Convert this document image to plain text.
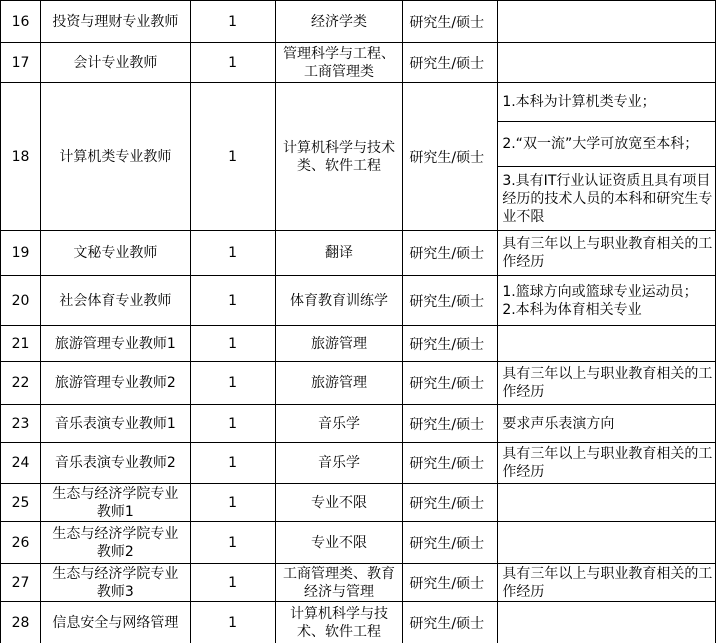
16	投资与理财专业教师	1	经济学类	研究生/硕士	
17	会计专业教师	1	管理科学与工程、工商管理类	研究生/硕士	
18	计算机类专业教师	1	计算机科学与技术类、软件工程	研究生/硕士	1.本科为计算机类专业；
2.“双一流”大学可放宽至本科；
3.具有IT行业认证资质且具有项目经历的技术人员的本科和研究生专业不限

19	文秘专业教师	1	翻译	研究生/硕士	具有三年以上与职业教育相关的工作经历
20	社会体育专业教师	1	体育教育训练学	研究生/硕士	1.篮球方向或篮球专业运动员；
2.本科为体育相关专业
21	旅游管理专业教师1	1	旅游管理	研究生/硕士	
22	旅游管理专业教师2	1	旅游管理	研究生/硕士	具有三年以上与职业教育相关的工作经历
23	音乐表演专业教师1	1	音乐学	研究生/硕士	要求声乐表演方向
24	音乐表演专业教师2	1	音乐学	研究生/硕士	具有三年以上与职业教育相关的工作经历
25	生态与经济学院专业教师1	1	专业不限	研究生/硕士	
26	生态与经济学院专业教师2	1	专业不限	研究生/硕士	
27	生态与经济学院专业教师3	1	工商管理类、教育经济与管理	研究生/硕士	具有三年以上与职业教育相关的工作经历
28	信息安全与网络管理	1	计算机科学与技术、软件工程	研究生/硕士	
